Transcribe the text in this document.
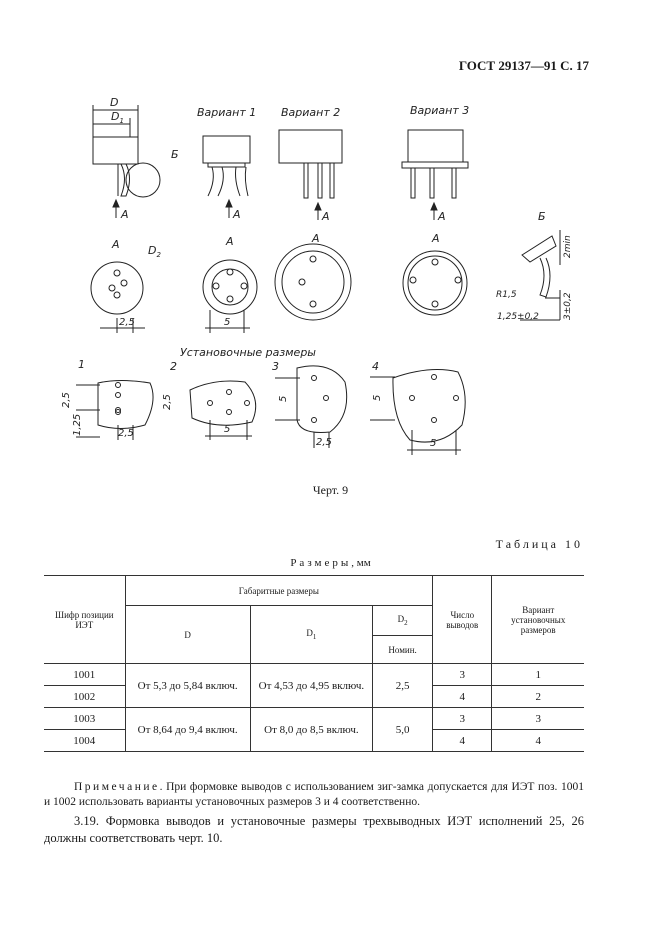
ГОСТ 29137—91 С. 17
D
$D_1$
Б
А
Вариант 1 Вариант 2	Вариант 3
А	А	А
А	А	А	А
$D_2$
2,5	5
Б
R1,5
2min
3±0,2
1,25±0,2
Установочные размеры
1	2	3	4
2,5
1,25	2,5
2,5
5
5
2,5
5
5
Черт. 9
Таблица 10
Размеры, мм
Шифр позиции ИЭТ	Габаритные размеры			Число выводов	Вариант установочных размеров
	D	$D_1$	$D_2$
			Номин.		
1001	От 5,3 до 5,84 включ.	От 4,53 до 4,95 включ.	2,5	3	1
1002				4	2
1003	От 8,64 до 9,4 включ.	От 8,0 до 8,5 включ.	5,0	3	3
1004				4	4
Примечание. При формовке выводов с использованием зиг-замка допускается для ИЭТ поз. 1001 и 1002 использовать варианты установочных размеров 3 и 4 соответственно.
3.19. Формовка выводов и установочные размеры трехвыводных ИЭТ исполнений 25, 26 должны соответствовать черт. 10.
